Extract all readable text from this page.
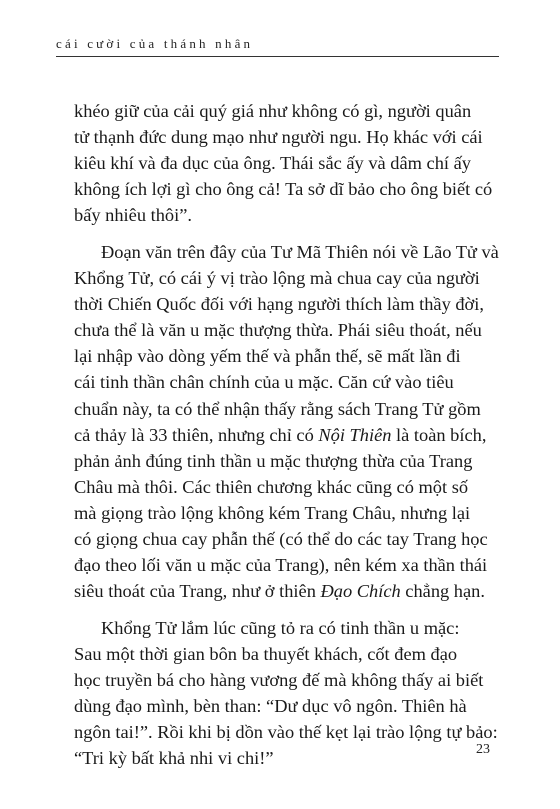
cái cười của thánh nhân
khéo giữ của cải quý giá như không có gì, người quân
tử thạnh đức dung mạo như người ngu. Họ khác với cái
kiêu khí và đa dục của ông. Thái sắc ấy và dâm chí ấy
không ích lợi gì cho ông cả! Ta sở dĩ bảo cho ông biết có
bấy nhiêu thôi”.
Đoạn văn trên đây của Tư Mã Thiên nói về Lão Tử và
Khổng Tử, có cái ý vị trào lộng mà chua cay của người
thời Chiến Quốc đối với hạng người thích làm thầy đời,
chưa thể là văn u mặc thượng thừa. Phái siêu thoát, nếu
lại nhập vào dòng yếm thế và phẫn thế, sẽ mất lần đi
cái tinh thần chân chính của u mặc. Căn cứ vào tiêu
chuẩn này, ta có thể nhận thấy rằng sách Trang Tử gồm
cả thảy là 33 thiên, nhưng chỉ có Nội Thiên là toàn bích,
phản ảnh đúng tinh thần u mặc thượng thừa của Trang
Châu mà thôi. Các thiên chương khác cũng có một số
mà giọng trào lộng không kém Trang Châu, nhưng lại
có giọng chua cay phẫn thế (có thể do các tay Trang học
đạo theo lối văn u mặc của Trang), nên kém xa thần thái
siêu thoát của Trang, như ở thiên Đạo Chích chẳng hạn.
Khổng Tử lắm lúc cũng tỏ ra có tinh thần u mặc:
Sau một thời gian bôn ba thuyết khách, cốt đem đạo
học truyền bá cho hàng vương đế mà không thấy ai biết
dùng đạo mình, bèn than: “Dư dục vô ngôn. Thiên hà
ngôn tai!”. Rồi khi bị dồn vào thế kẹt lại trào lộng tự bảo:
“Tri kỳ bất khả nhi vi chi!”	23
